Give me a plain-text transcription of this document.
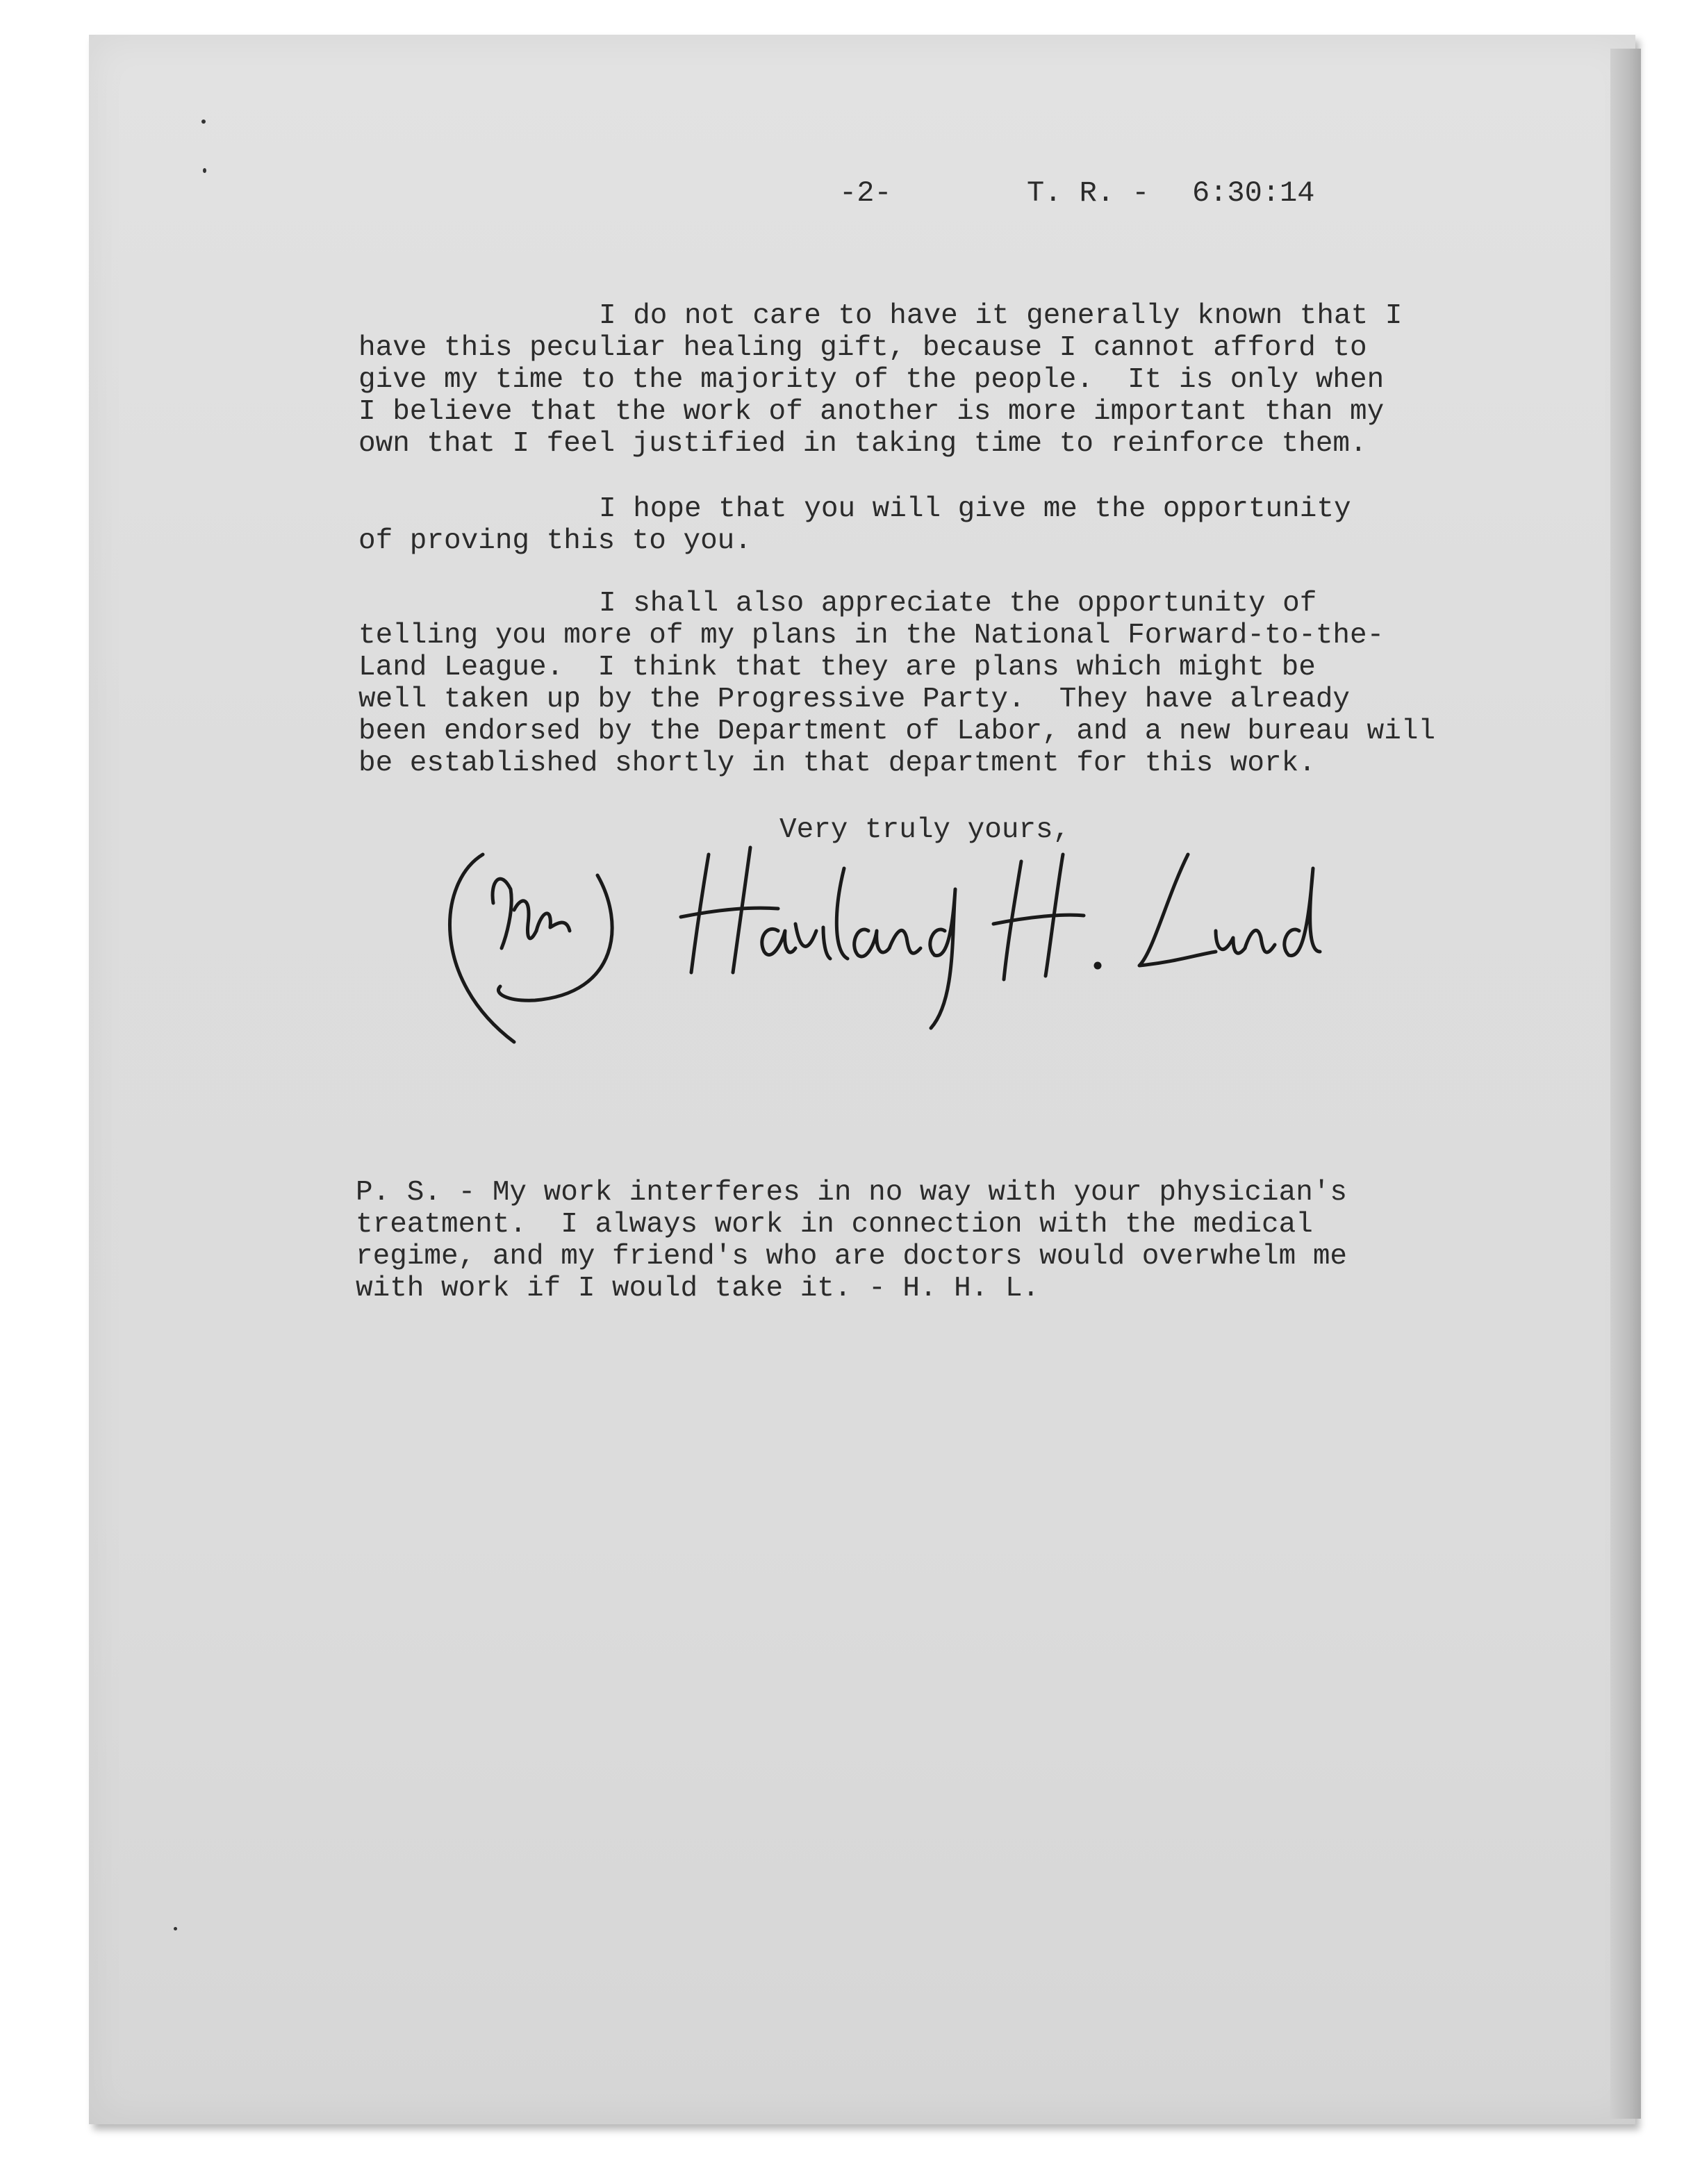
-2-	T. R. - 6:30:14
I do not care to have it generally known that I
have this peculiar healing gift, because I cannot afford to
give my time to the majority of the people.  It is only when
I believe that the work of another is more important than my
own that I feel justified in taking time to reinforce them.
I hope that you will give me the opportunity
of proving this to you.
I shall also appreciate the opportunity of
telling you more of my plans in the National Forward-to-the-
Land League.  I think that they are plans which might be
well taken up by the Progressive Party.  They have already
been endorsed by the Department of Labor, and a new bureau will
be established shortly in that department for this work.
Very truly yours,
P. S. - My work interferes in no way with your physician's
treatment.  I always work in connection with the medical
regime, and my friend's who are doctors would overwhelm me
with work if I would take it. - H. H. L.
